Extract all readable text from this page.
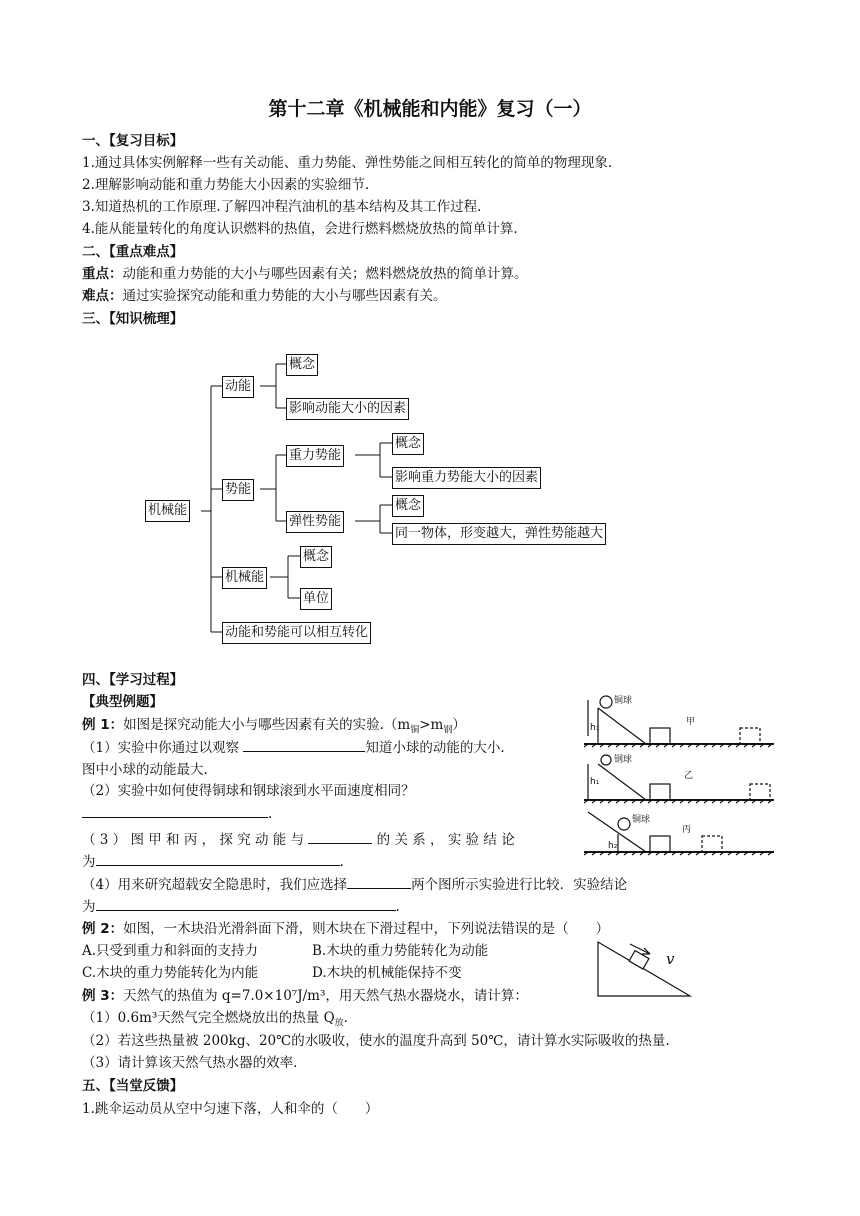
第十二章《机械能和内能》复习（一）
一、【复习目标】
1.通过具体实例解释一些有关动能、重力势能、弹性势能之间相互转化的简单的物理现象.
2.理解影响动能和重力势能大小因素的实验细节.
3.知道热机的工作原理.了解四冲程汽油机的基本结构及其工作过程.
4.能从能量转化的角度认识燃料的热值，会进行燃料燃烧放热的简单计算.
二、【重点难点】
重点：动能和重力势能的大小与哪些因素有关；燃料燃烧放热的简单计算。
难点：通过实验探究动能和重力势能的大小与哪些因素有关。
三、【知识梳理】
机械能
动能
概念
影响动能大小的因素
势能
重力势能
概念
影响重力势能大小的因素
弹性势能
概念
同一物体，形变越大，弹性势能越大
机械能
概念
单位
动能和势能可以相互转化
四、【学习过程】
【典型例题】
例 1：如图是探究动能大小与哪些因素有关的实验$.(m_铜>m_钢)$
（1）实验中你通过以观察	知道小球的动能的大小.
图中小球的动能最大.
（2）实验中如何使得铜球和钢球滚到水平面速度相同？
.
（ 3 ） 图 甲 和 丙 ， 探 究 动 能 与	的 关 系 ， 实 验 结 论
为	.
（4）用来研究超载安全隐患时，我们应选择	两个图所示实验进行比较．实验结论
为	.
铜球
甲
h₁
钢球
乙
h₁
铜球
丙
h₂
例 2：如图，一木块沿光滑斜面下滑，则木块在下滑过程中，下列说法错误的是（　　）
A.只受到重力和斜面的支持力	B.木块的重力势能转化为动能
C.木块的重力势能转化为内能	D.木块的机械能保持不变
v
例 3：天然气的热值为 q=7.0×10⁷J/m³，用天然气热水器烧水，请计算：
（1）0.6m³天然气完全燃烧放出的热量 $Q_放$.
（2）若这些热量被 200kg、20℃的水吸收，使水的温度升高到 50℃，请计算水实际吸收的热量.
（3）请计算该天然气热水器的效率.
五、【当堂反馈】
1.跳伞运动员从空中匀速下落，人和伞的（　　）
